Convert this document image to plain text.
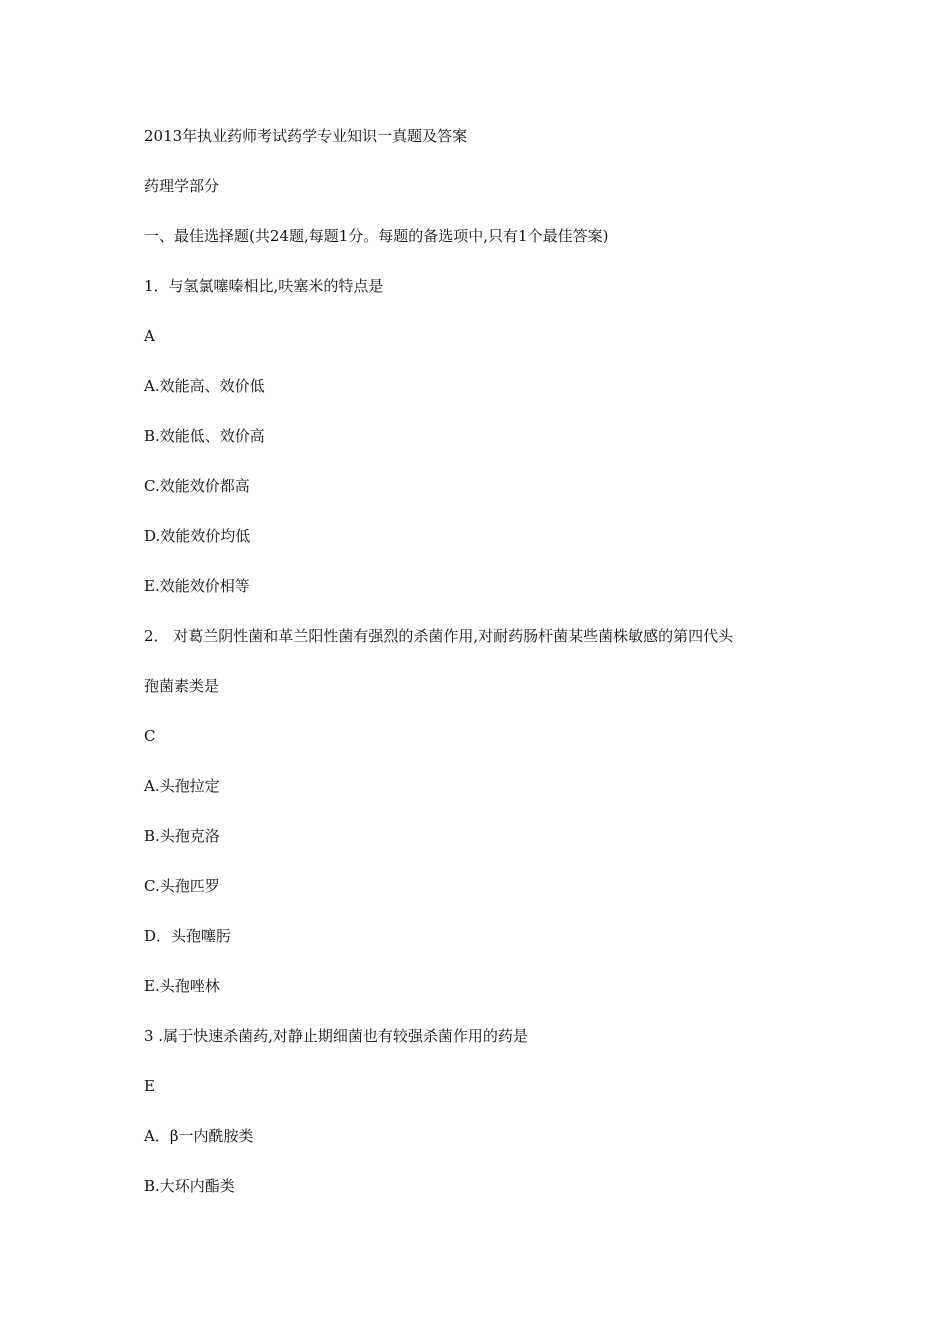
2013年执业药师考试药学专业知识一真题及答案
药理学部分
一、最佳选择题(共24题,每题1分。每题的备选项中,只有1个最佳答案)
1．与氢氯噻嗪相比,呋塞米的特点是
A
A.效能高、效价低
B.效能低、效价高
C.效能效价都高
D.效能效价均低
E.效能效价相等
2． 对葛兰阴性菌和革兰阳性菌有强烈的杀菌作用,对耐药肠杆菌某些菌株敏感的第四代头
孢菌素类是
C
A.头孢拉定
B.头孢克洛
C.头孢匹罗
D．头孢噻肟
E.头孢唑林
3 .属于快速杀菌药,对静止期细菌也有较强杀菌作用的药是
E
A．β一内酰胺类
B.大环内酯类
